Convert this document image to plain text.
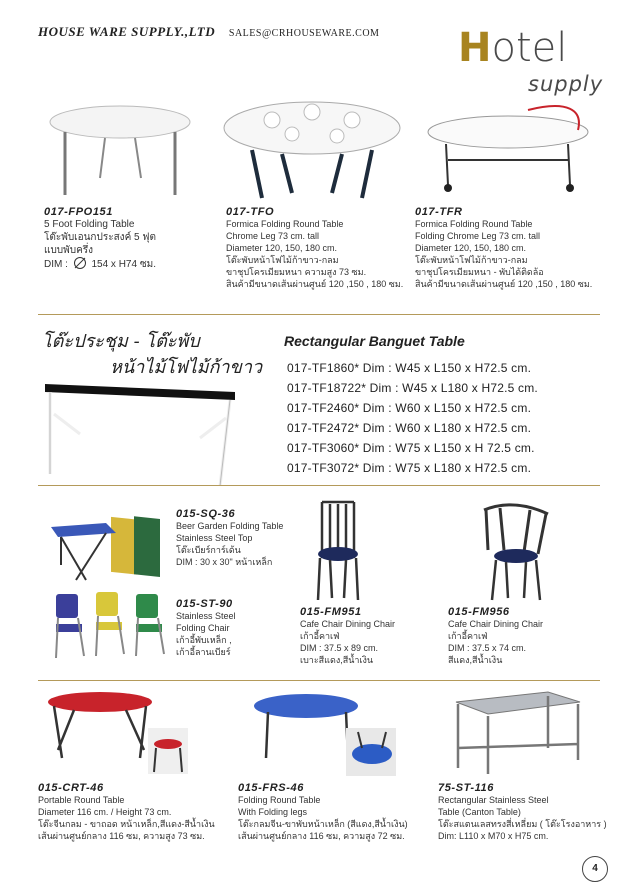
HOUSE WARE SUPPLY.,LTD SALES@CRHOUSEWARE.COM Hotel
supply
017-FPO151

5 Foot Folding Table

โต๊ะพับเอนกประสงค์ 5 ฟุต

แบบพับครึ่ง

DIM : 154 x H74 ซม.

017-TFO

Formica Folding Round Table

Chrome Leg 73 cm. tall

Diameter 120, 150, 180 cm.

โต๊ะพับหน้าโฟไม้ก้าขาว-กลม

ขาชุปโครเมียมหนา ความสูง 73 ซม.

สินค้ามีขนาดเส้นผ่านศูนย์ 120 ,150 , 180 ซม.

017-TFR

Formica Folding Round Table

Folding Chrome Leg 73 cm. tall

Diameter 120, 150, 180 cm.

โต๊ะพับหน้าโฟไม้ก้าขาว-กลม

ขาชุปโครเมียมหนา - พับได้ติดล้อ

สินค้ามีขนาดเส้นผ่านศูนย์ 120 ,150 , 180 ซม.

โต๊ะประชุม - โต๊ะพับ
หน้าไม้โฟไม้ก้าขาว
Rectangular Banguet Table
017-TF1860* Dim : W45 x L150 x H72.5 cm.
017-TF18722* Dim : W45 x L180 x H72.5 cm.
017-TF2460* Dim : W60 x L150 x H72.5 cm.
017-TF2472* Dim : W60 x L180 x H72.5 cm.
017-TF3060* Dim : W75 x L150 x H 72.5 cm.
017-TF3072* Dim : W75 x L180 x H72.5 cm.
015-SQ-36

Beer Garden Folding Table

Stainless Steel Top

โต๊ะเบียร์การ์เด้น

DIM : 30 x 30" หน้าเหล็ก

015-ST-90

Stainless Steel

Folding Chair

เก้าอี้พับเหล็ก ,

เก้าอี้ลานเบียร์

015-FM951

Cafe Chair Dining Chair

เก้าอี้คาเฟ่

DIM : 37.5 x 89 cm.

เบาะสีแดง,สีน้ำเงิน

015-FM956

Cafe Chair Dining Chair

เก้าอี้คาเฟ่

DIM : 37.5 x 74 cm.

สีแดง,สีน้ำเงิน

015-CRT-46

Portable Round Table

Diameter 116 cm. / Height 73 cm.

โต๊ะจีนกลม - ขาถอด หน้าเหล็ก,สีแดง-สีน้ำเงิน

เส้นผ่านศูนย์กลาง 116 ซม, ความสูง 73 ซม.

015-FRS-46

Folding Round Table

With Folding legs

โต๊ะกลมจีน-ขาพับหน้าเหล็ก (สีแดง,สีน้ำเงิน)

เส้นผ่านศูนย์กลาง 116 ซม, ความสูง 72 ซม.

75-ST-116

Rectangular Stainless Steel

Table (Canton Table)

โต๊ะสแตนเลสทรงสี่เหลี่ยม ( โต๊ะโรงอาหาร )

Dim: L110 x M70 x H75 cm.

4
